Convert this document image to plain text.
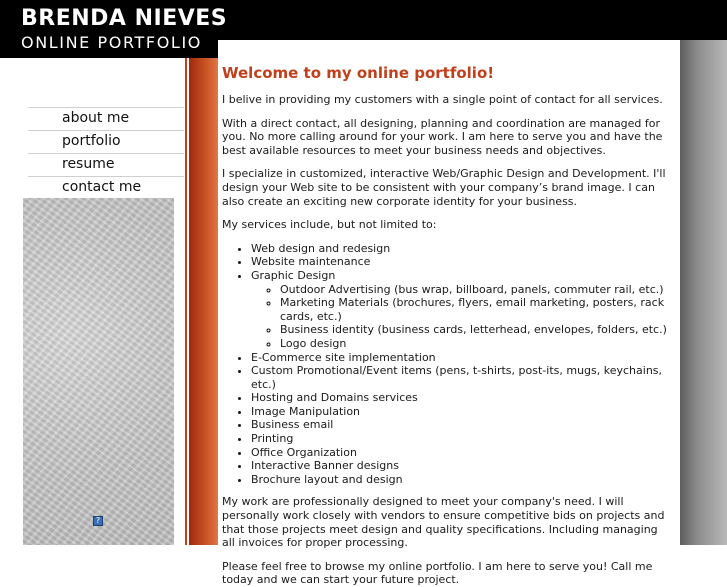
BRENDA NIEVES
ONLINE PORTFOLIO
about me
portfolio
resume
contact me
?
Welcome to my online portfolio!

I belive in providing my customers with a single point of contact for all services.

With a direct contact, all designing, planning and coordination are managed for you. No more calling around for your work. I am here to serve you and have the best available resources to meet your business needs and objectives.

I specialize in customized, interactive Web/Graphic Design and Development. I'll design your Web site to be consistent with your company’s brand image. I can also create an exciting new corporate identity for your business.

My services include, but not limited to:

• Web design and redesign
• Website maintenance
• Graphic Design
◦ Outdoor Advertising (bus wrap, billboard, panels, commuter rail, etc.)
◦ Marketing Materials (brochures, flyers, email marketing, posters, rack cards, etc.)
◦ Business identity (business cards, letterhead, envelopes, folders, etc.)
◦ Logo design
• E-Commerce site implementation
• Custom Promotional/Event items (pens, t-shirts, post-its, mugs, keychains, etc.)
• Hosting and Domains services
• Image Manipulation
• Business email
• Printing
• Office Organization
• Interactive Banner designs
• Brochure layout and design

My work are professionally designed to meet your company's need. I will personally work closely with vendors to ensure competitive bids on projects and that those projects meet design and quality specifications. Including managing all invoices for proper processing.

Please feel free to browse my online portfolio. I am here to serve you! Call me today and we can start your future project.
